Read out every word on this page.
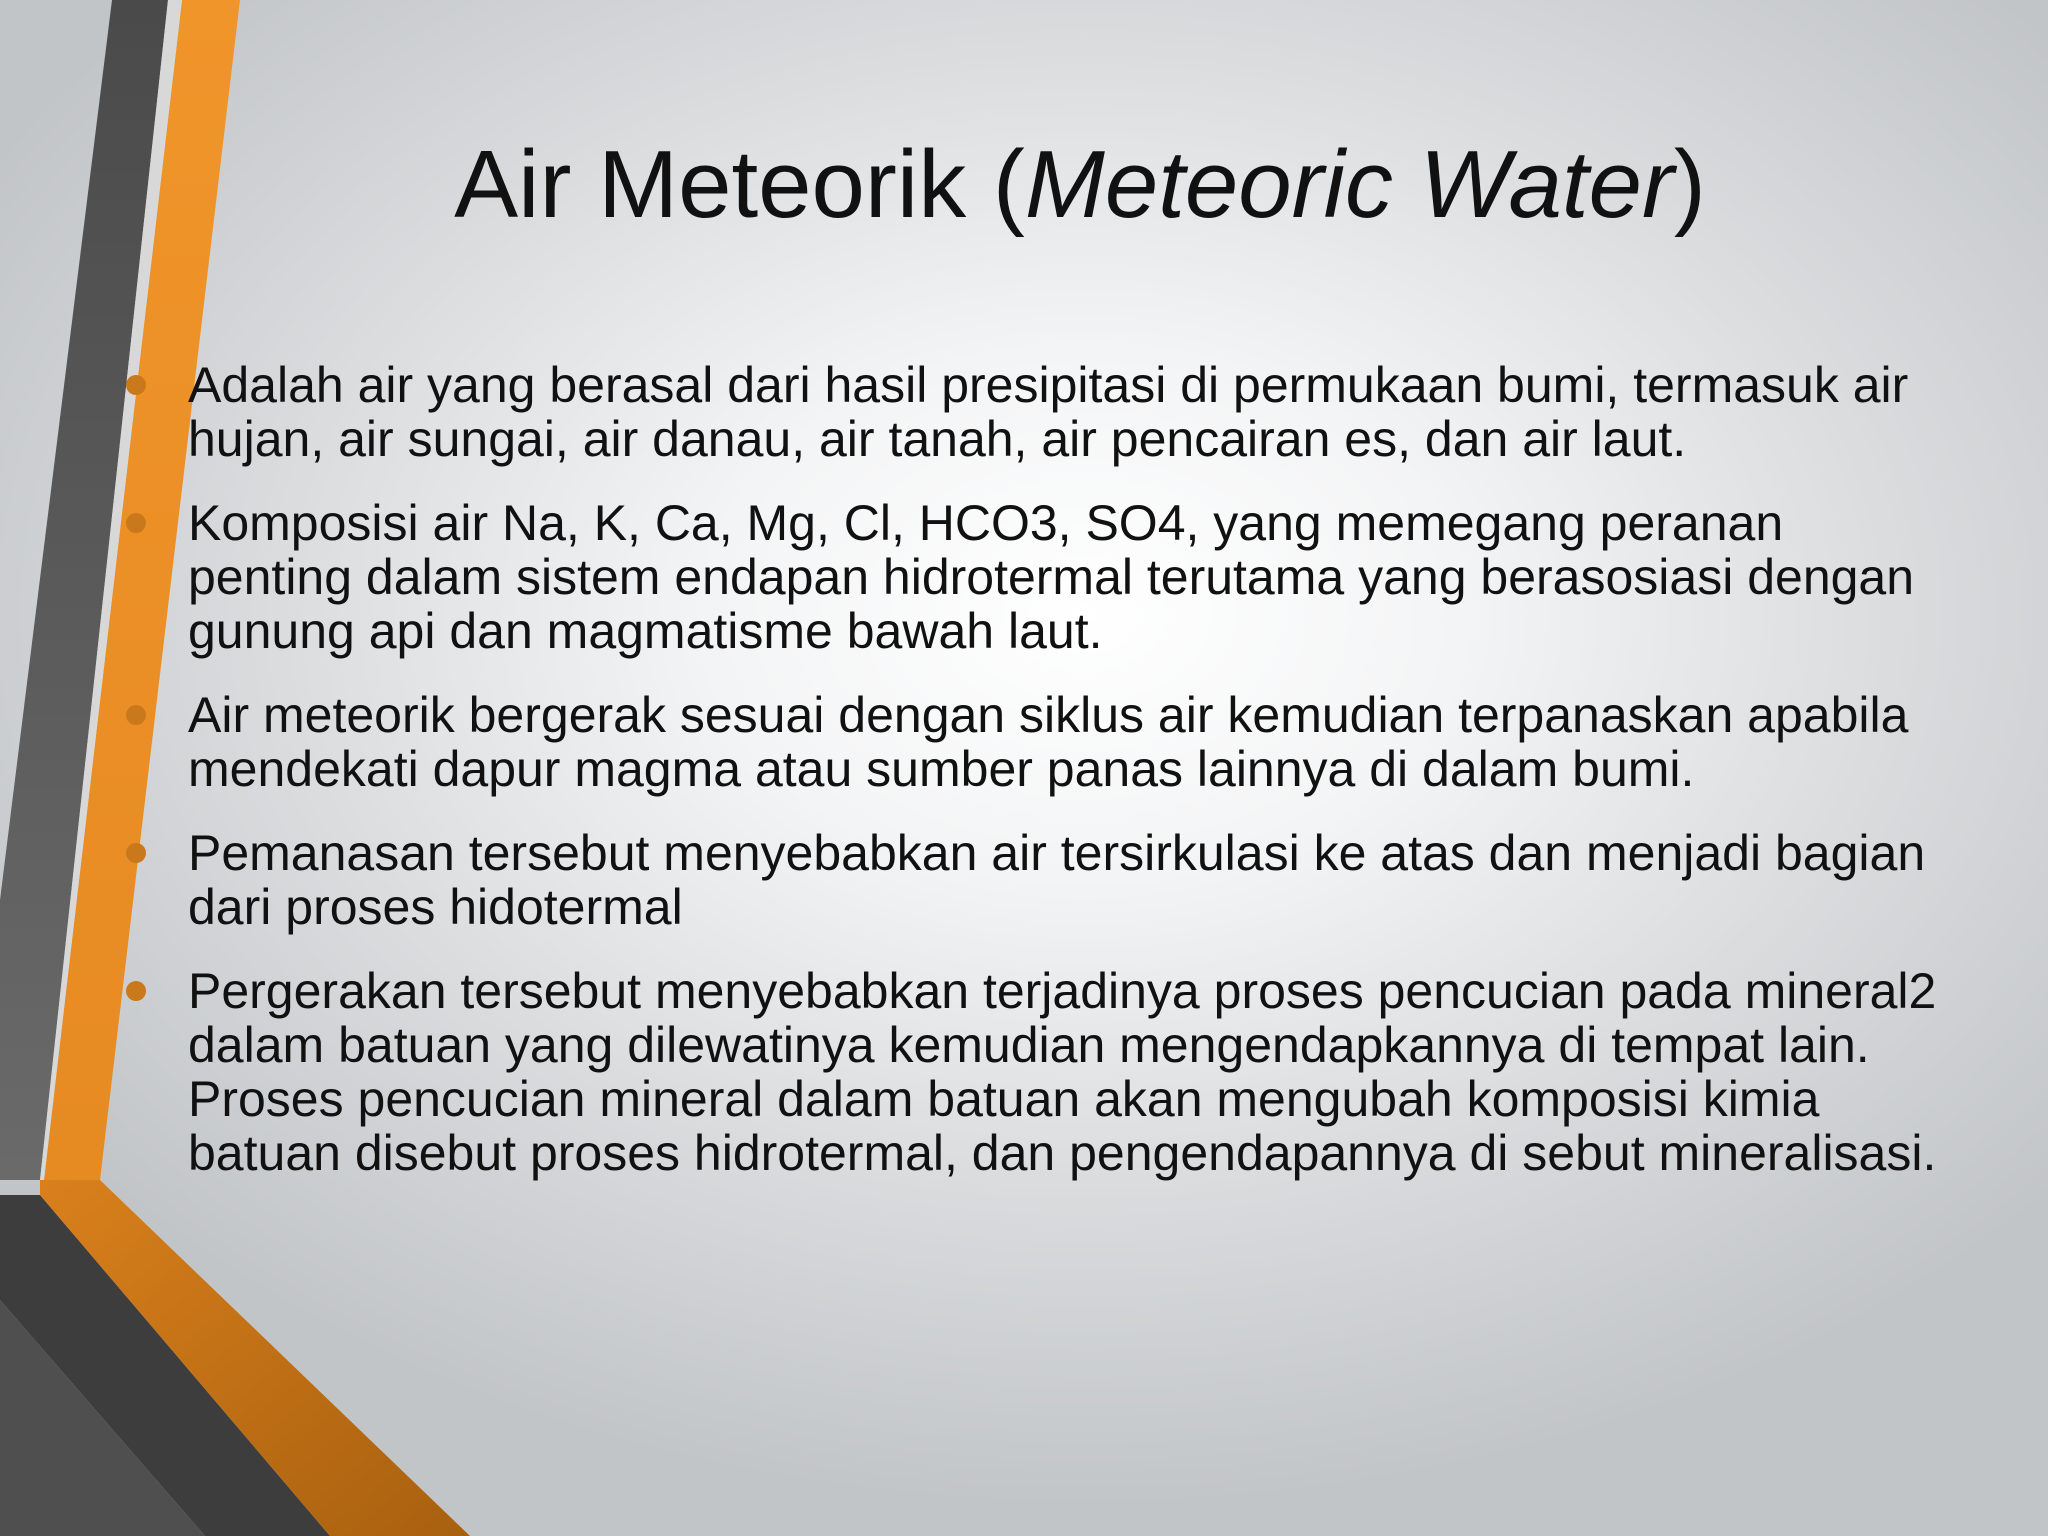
Air Meteorik (Meteoric Water)
Adalah air yang berasal dari hasil presipitasi di permukaan bumi, termasuk air hujan, air sungai, air danau, air tanah, air pencairan es, dan air laut.
Komposisi air Na, K, Ca, Mg, Cl, HCO3, SO4, yang memegang peranan penting dalam sistem endapan hidrotermal terutama yang berasosiasi dengan gunung api dan magmatisme bawah laut.
Air meteorik bergerak sesuai dengan siklus air kemudian terpanaskan apabila mendekati dapur magma atau sumber panas lainnya di dalam bumi.
Pemanasan tersebut menyebabkan air tersirkulasi ke atas dan menjadi bagian dari proses hidotermal
Pergerakan tersebut menyebabkan terjadinya proses pencucian pada mineral2 dalam batuan yang dilewatinya kemudian mengendapkannya di tempat lain. Proses pencucian mineral dalam batuan akan mengubah komposisi kimia batuan disebut proses hidrotermal, dan pengendapannya di sebut mineralisasi.
